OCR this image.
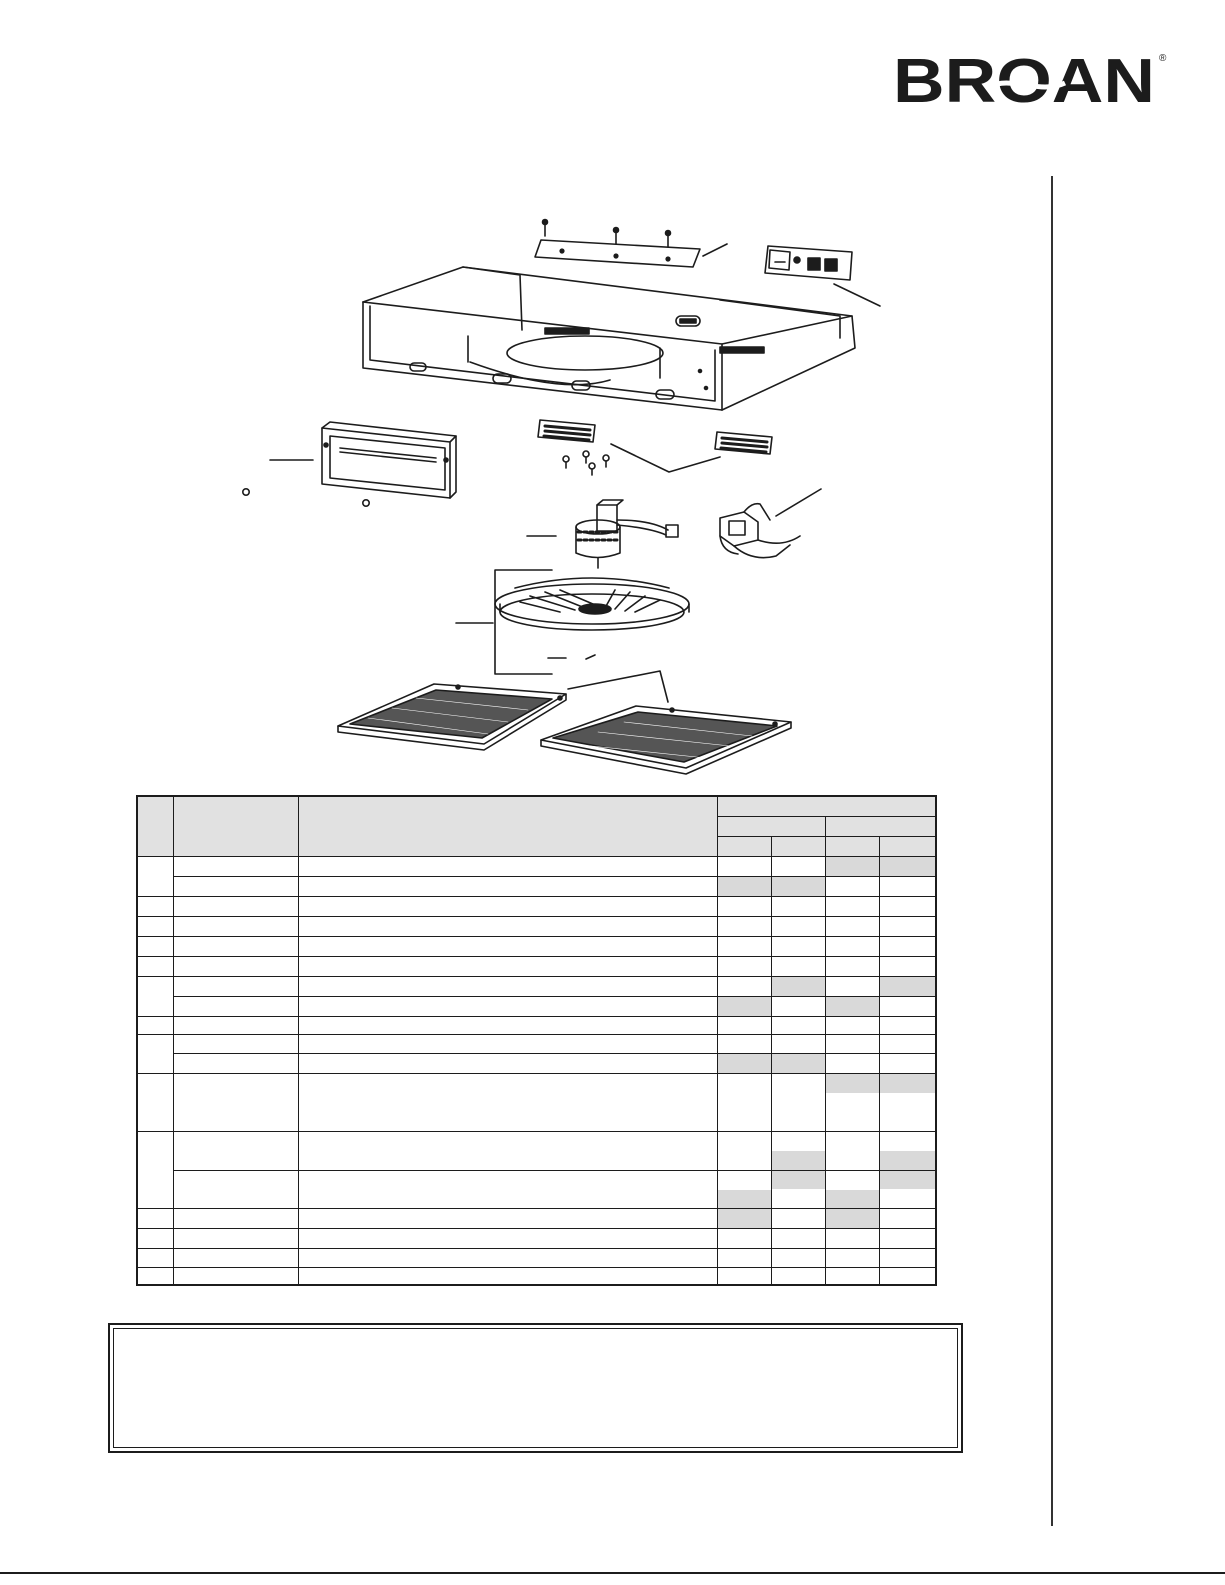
BROAN ®
